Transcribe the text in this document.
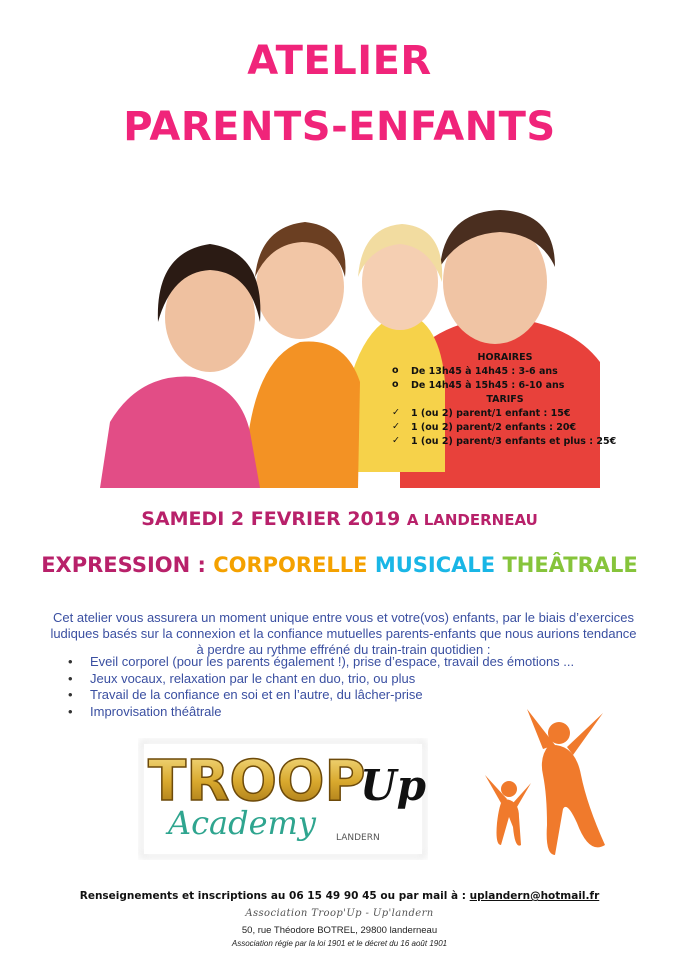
ATELIER
PARENTS-ENFANTS
HORAIRES
o De 13h45 à 14h45 : 3-6 ans
o De 14h45 à 15h45 : 6-10 ans
TARIFS
✓ 1 (ou 2) parent/1 enfant : 15€
✓ 1 (ou 2) parent/2 enfants : 20€
✓ 1 (ou 2) parent/3 enfants et plus : 25€
SAMEDI 2 FEVRIER 2019 A LANDERNEAU
EXPRESSION : CORPORELLE MUSICALE THEÂTRALE

Cet atelier vous assurera un moment unique entre vous et votre(vos) enfants, par le biais d’exercices ludiques basés sur la connexion et la confiance mutuelles parents-enfants que nous aurions tendance à perdre au rythme effréné du train-train quotidien :

• Eveil corporel (pour les parents également !), prise d’espace, travail des émotions ...
• Jeux vocaux, relaxation par le chant en duo, trio, ou plus
• Travail de la confiance en soi et en l’autre, du lâcher-prise
• Improvisation théâtrale
TROOP
Up
Academy LANDERN
Renseignements et inscriptions au 06 15 49 90 45 ou par mail à : uplandern@hotmail.fr
Association Troop'Up - Up'landern
50, rue Théodore BOTREL, 29800 landerneau
Association régie par la loi 1901 et le décret du 16 août 1901
